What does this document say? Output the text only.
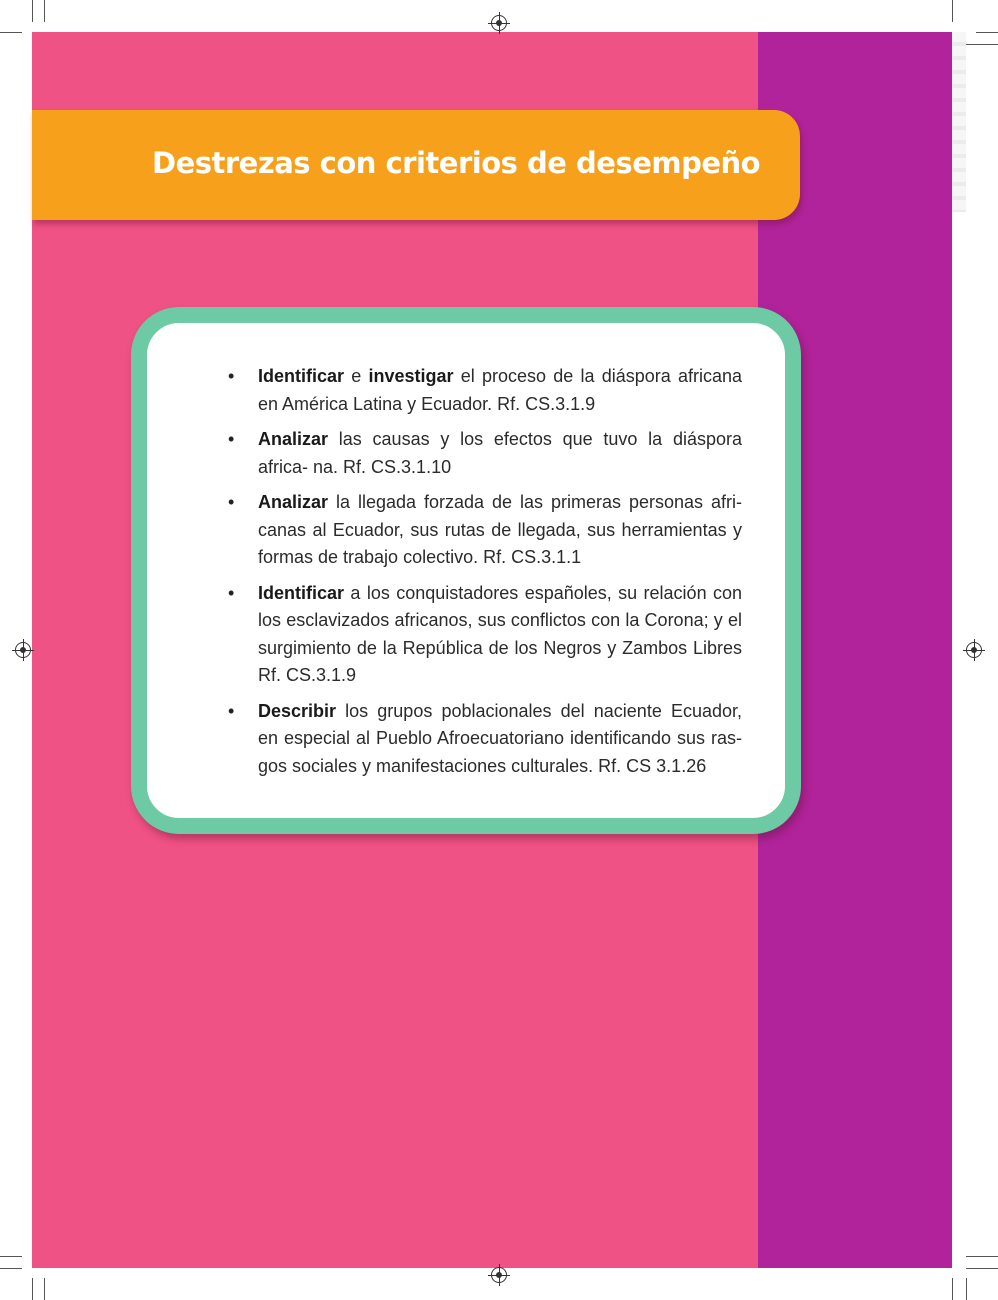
Destrezas con criterios de desempeño
• Identificar e investigar el proceso de la diáspora africana en América Latina y Ecuador. Rf. CS.3.1.9
• Analizar las causas y los efectos que tuvo la diáspora africa- na. Rf. CS.3.1.10
• Analizar la llegada forzada de las primeras personas afri- canas al Ecuador, sus rutas de llegada, sus herramientas y formas de trabajo colectivo. Rf. CS.3.1.1
• Identificar a los conquistadores españoles, su relación con los esclavizados africanos, sus conflictos con la Corona; y el surgimiento de la República de los Negros y Zambos Libres Rf. CS.3.1.9
• Describir los grupos poblacionales del naciente Ecuador, en especial al Pueblo Afroecuatoriano identificando sus ras- gos sociales y manifestaciones culturales. Rf. CS 3.1.26
